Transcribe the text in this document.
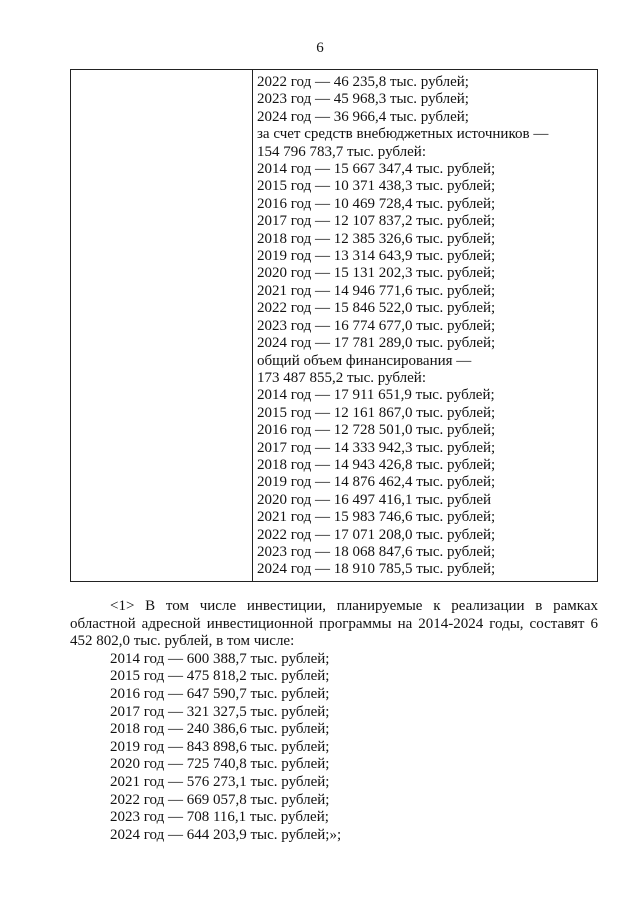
6
2022 год — 46 235,8 тыс. рублей;
2023 год — 45 968,3 тыс. рублей;
2024 год — 36 966,4 тыс. рублей;
за счет средств внебюджетных источников —
154 796 783,7 тыс. рублей:
2014 год — 15 667 347,4 тыс. рублей;
2015 год — 10 371 438,3 тыс. рублей;
2016 год — 10 469 728,4 тыс. рублей;
2017 год — 12 107 837,2 тыс. рублей;
2018 год — 12 385 326,6 тыс. рублей;
2019 год — 13 314 643,9 тыс. рублей;
2020 год — 15 131 202,3 тыс. рублей;
2021 год — 14 946 771,6 тыс. рублей;
2022 год — 15 846 522,0 тыс. рублей;
2023 год — 16 774 677,0 тыс. рублей;
2024 год — 17 781 289,0 тыс. рублей;
общий объем финансирования —
173 487 855,2 тыс. рублей:
2014 год — 17 911 651,9 тыс. рублей;
2015 год — 12 161 867,0 тыс. рублей;
2016 год — 12 728 501,0 тыс. рублей;
2017 год — 14 333 942,3 тыс. рублей;
2018 год — 14 943 426,8 тыс. рублей;
2019 год — 14 876 462,4 тыс. рублей;
2020 год — 16 497 416,1 тыс. рублей
2021 год — 15 983 746,6 тыс. рублей;
2022 год — 17 071 208,0 тыс. рублей;
2023 год — 18 068 847,6 тыс. рублей;
2024 год — 18 910 785,5 тыс. рублей;
<1> В том числе инвестиции, планируемые к реализации в рамках областной адресной инвестиционной программы на 2014-2024 годы, составят 6 452 802,0 тыс. рублей, в том числе:
2014 год — 600 388,7 тыс. рублей;
2015 год — 475 818,2 тыс. рублей;
2016 год — 647 590,7 тыс. рублей;
2017 год — 321 327,5 тыс. рублей;
2018 год — 240 386,6 тыс. рублей;
2019 год — 843 898,6 тыс. рублей;
2020 год — 725 740,8 тыс. рублей;
2021 год — 576 273,1 тыс. рублей;
2022 год — 669 057,8 тыс. рублей;
2023 год — 708 116,1 тыс. рублей;
2024 год — 644 203,9 тыс. рублей;»;
